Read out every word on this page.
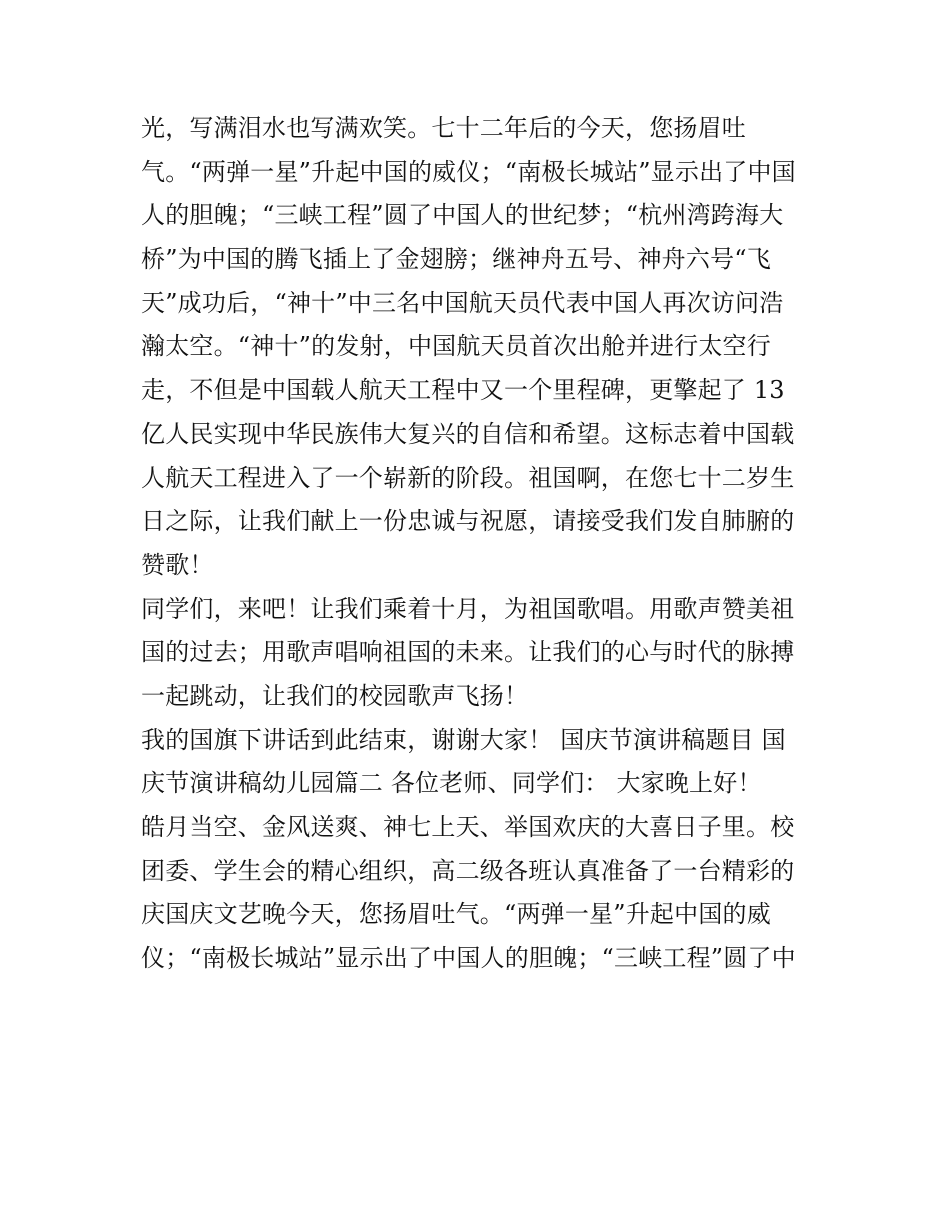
光，写满泪水也写满欢笑。七十二年后的今天，您扬眉吐
气。“两弹一星”升起中国的威仪；“南极长城站”显示出了中国
人的胆魄；“三峡工程”圆了中国人的世纪梦；“杭州湾跨海大
桥”为中国的腾飞插上了金翅膀；继神舟五号、神舟六号“飞
天”成功后，“神十”中三名中国航天员代表中国人再次访问浩
瀚太空。“神十”的发射，中国航天员首次出舱并进行太空行
走，不但是中国载人航天工程中又一个里程碑，更擎起了 13
亿人民实现中华民族伟大复兴的自信和希望。这标志着中国载
人航天工程进入了一个崭新的阶段。祖国啊，在您七十二岁生
日之际，让我们献上一份忠诚与祝愿，请接受我们发自肺腑的
赞歌！
同学们，来吧！让我们乘着十月，为祖国歌唱。用歌声赞美祖
国的过去；用歌声唱响祖国的未来。让我们的心与时代的脉搏
一起跳动，让我们的校园歌声飞扬！
我的国旗下讲话到此结束，谢谢大家！ 国庆节演讲稿题目 国
庆节演讲稿幼儿园篇二 各位老师、同学们： 大家晚上好！
皓月当空、金风送爽、神七上天、举国欢庆的大喜日子里。校
团委、学生会的精心组织，高二级各班认真准备了一台精彩的
庆国庆文艺晚今天，您扬眉吐气。“两弹一星”升起中国的威
仪；“南极长城站”显示出了中国人的胆魄；“三峡工程”圆了中
